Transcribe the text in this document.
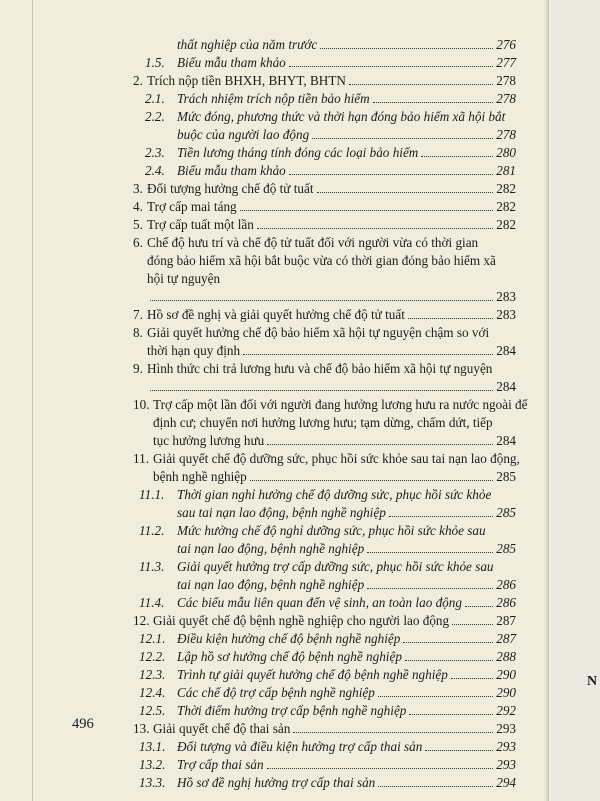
thất nghiệp của năm trước	276
1.5. Biểu mẫu tham khảo	277
2. Trích nộp tiền BHXH, BHYT, BHTN	278
2.1. Trách nhiệm trích nộp tiền bảo hiểm	278
2.2. Mức đóng, phương thức và thời hạn đóng bảo hiểm xã hội bắt
buộc của người lao động	278
2.3. Tiền lương tháng tính đóng các loại bảo hiểm	280
2.4. Biểu mẫu tham khảo	281
3. Đối tượng hưởng chế độ tử tuất	282
4. Trợ cấp mai táng	282
5. Trợ cấp tuất một lần	282
6. Chế độ hưu trí và chế độ tử tuất đối với người vừa có thời gian
đóng bảo hiểm xã hội bắt buộc vừa có thời gian đóng bảo hiểm xã
hội tự nguyện
283
7. Hồ sơ đề nghị và giải quyết hưởng chế độ tử tuất	283
8. Giải quyết hưởng chế độ bảo hiểm xã hội tự nguyện chậm so với
thời hạn quy định	284
9. Hình thức chi trả lương hưu và chế độ bảo hiểm xã hội tự nguyện
284
10. Trợ cấp một lần đối với người đang hưởng lương hưu ra nước ngoài để
định cư; chuyển nơi hưởng lương hưu; tạm dừng, chấm dứt, tiếp
tục hưởng lương hưu	284
11. Giải quyết chế độ dưỡng sức, phục hồi sức khỏe sau tai nạn lao động,
bệnh nghề nghiệp	285
11.1. Thời gian nghỉ hưởng chế độ dưỡng sức, phục hồi sức khỏe
sau tai nạn lao động, bệnh nghề nghiệp	285
11.2. Mức hưởng chế độ nghỉ dưỡng sức, phục hồi sức khỏe sau
tai nạn lao động, bệnh nghề nghiệp	285
11.3. Giải quyết hưởng trợ cấp dưỡng sức, phục hồi sức khỏe sau
tai nạn lao động, bệnh nghề nghiệp	286
11.4. Các biểu mẫu liên quan đến vệ sinh, an toàn lao động	286
12. Giải quyết chế độ bệnh nghề nghiệp cho người lao động	287
12.1. Điều kiện hưởng chế độ bệnh nghề nghiệp	287
12.2. Lập hồ sơ hưởng chế độ bệnh nghề nghiệp	288
12.3. Trình tự giải quyết hưởng chế độ bệnh nghề nghiệp	290
12.4. Các chế độ trợ cấp bệnh nghề nghiệp	290
12.5. Thời điểm hưởng trợ cấp bệnh nghề nghiệp	292
13. Giải quyết chế độ thai sản	293
13.1. Đối tượng và điều kiện hưởng trợ cấp thai sản	293
13.2. Trợ cấp thai sản	293
13.3. Hồ sơ đề nghị hưởng trợ cấp thai sản	294
496
N
